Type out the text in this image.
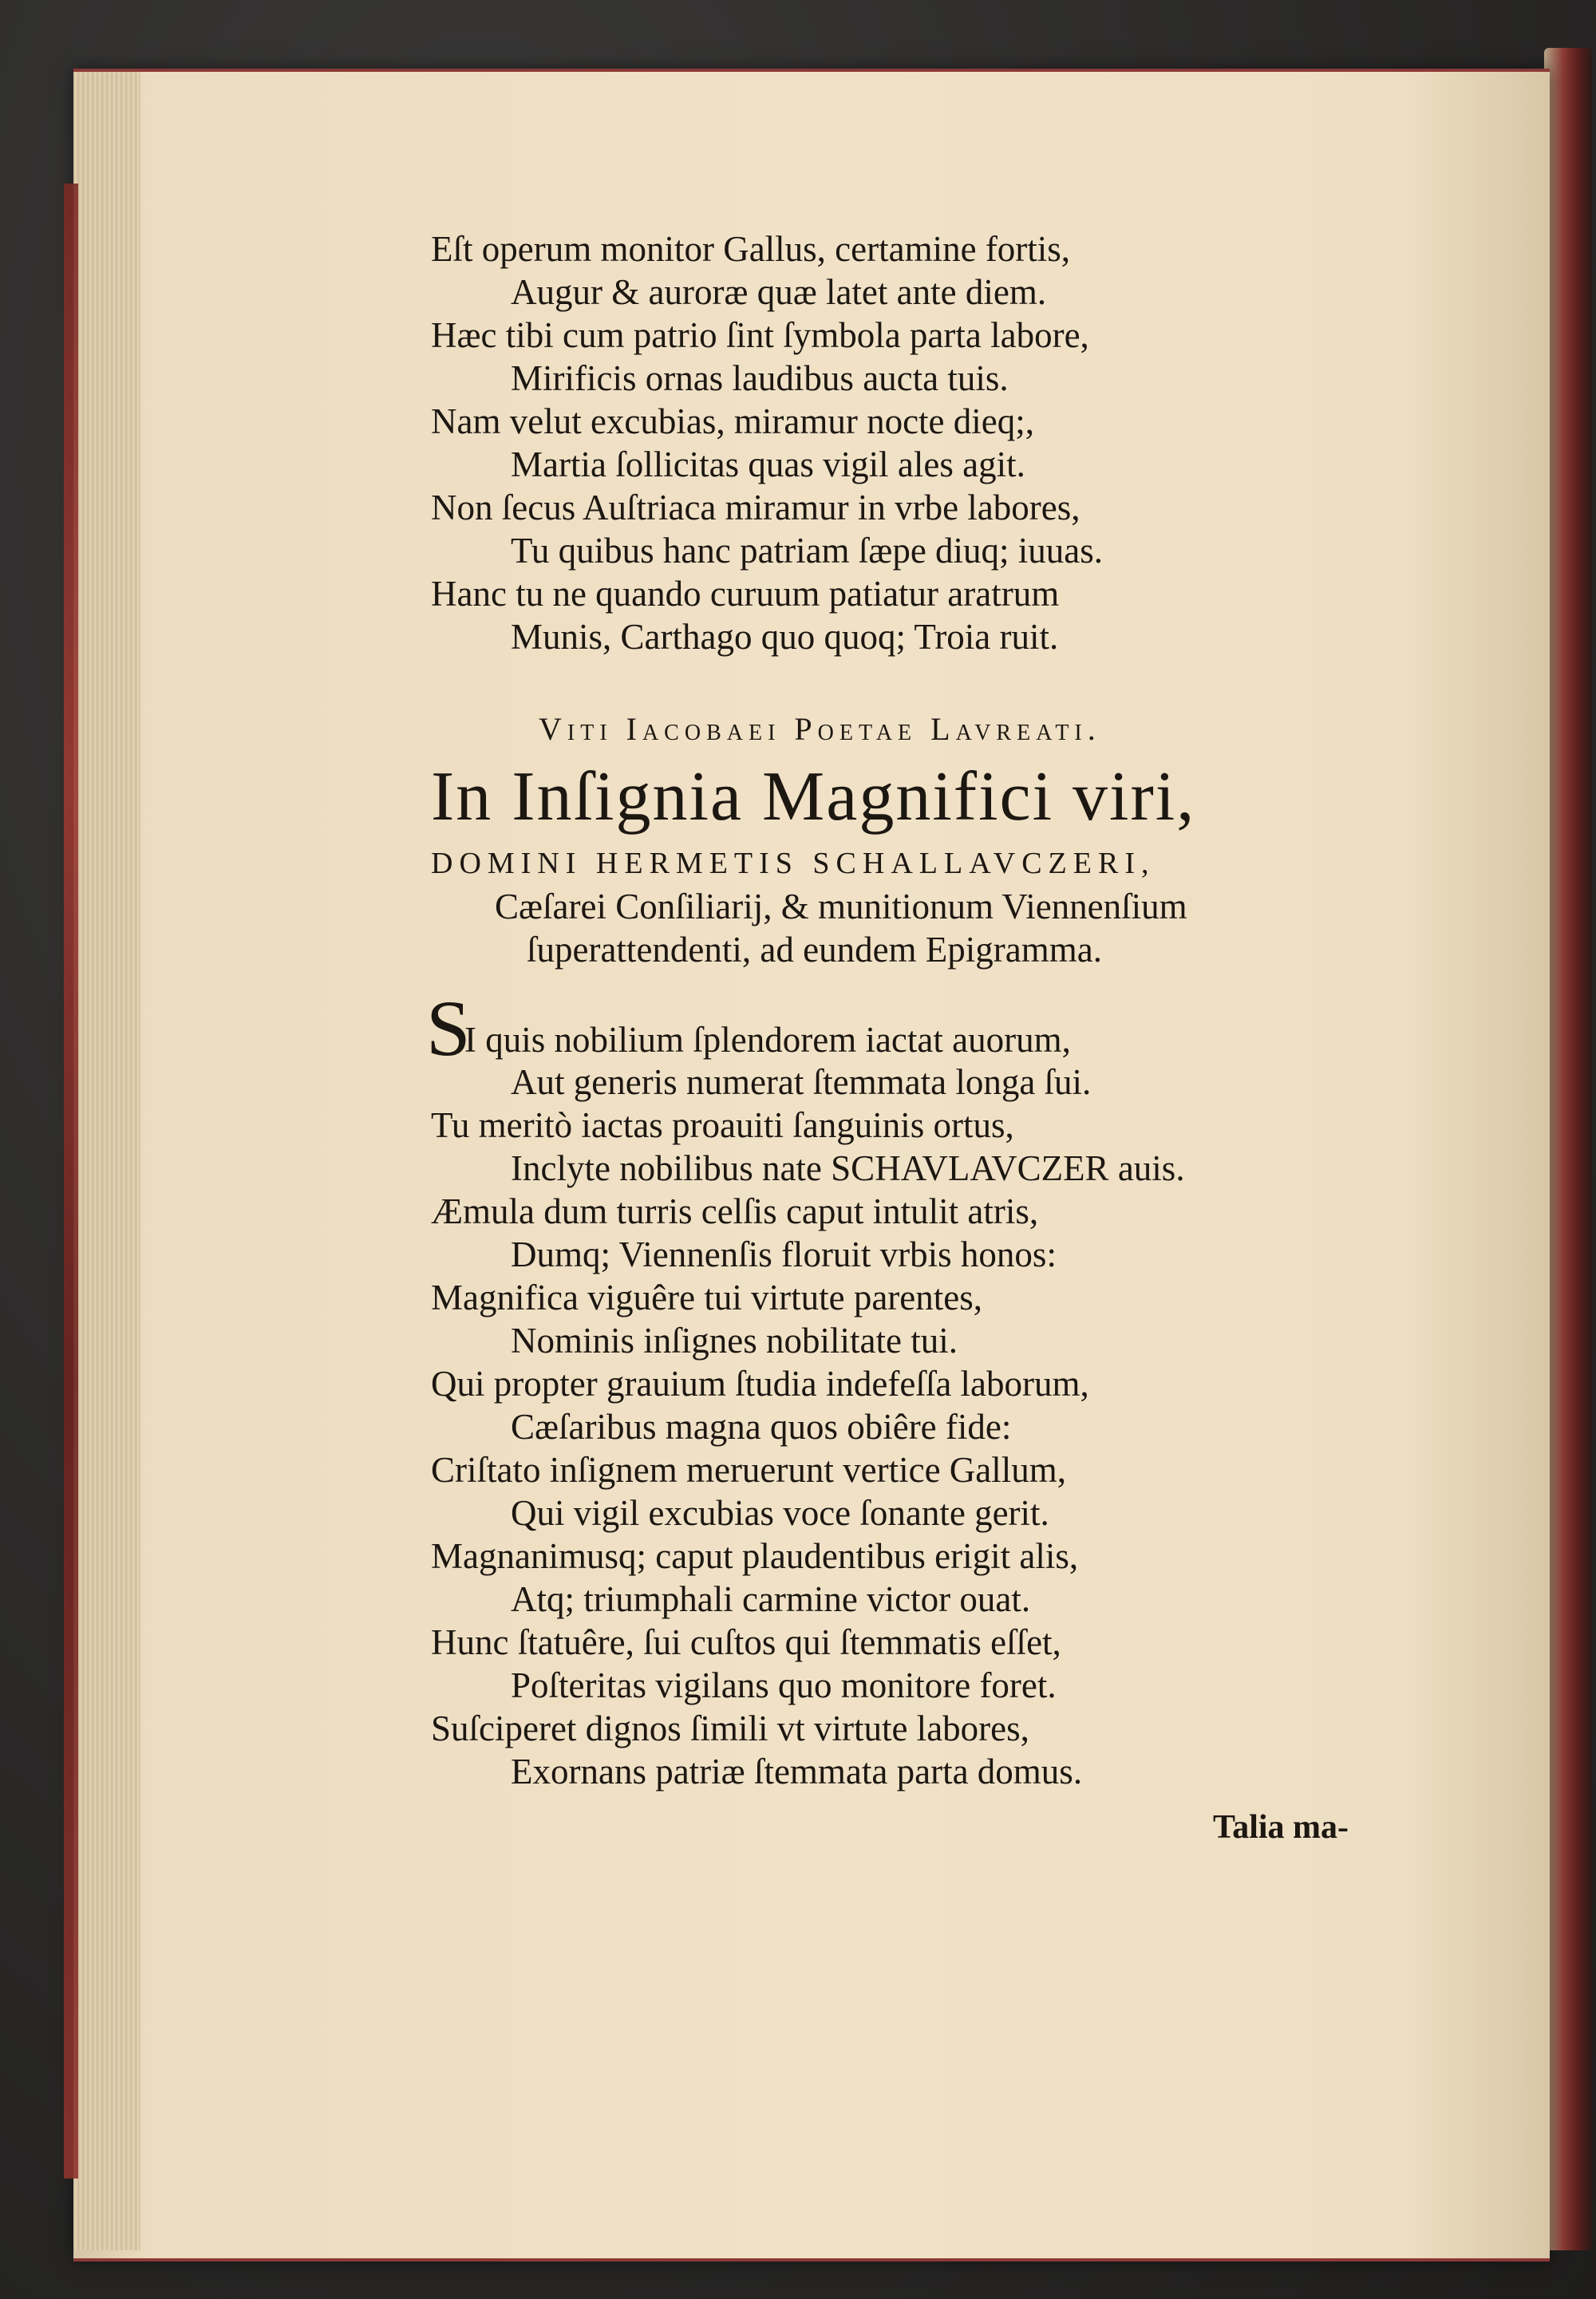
Eſt operum monitor Gallus, certamine fortis,
Augur & auroræ quæ latet ante diem.
Hæc tibi cum patrio ſint ſymbola parta labore,
Mirificis ornas laudibus aucta tuis.
Nam velut excubias, miramur nocte dieq;,
Martia ſollicitas quas vigil ales agit.
Non ſecus Auſtriaca miramur in vrbe labores,
Tu quibus hanc patriam ſæpe diuq; iuuas.
Hanc tu ne quando curuum patiatur aratrum
Munis, Carthago quo quoq; Troia ruit.
Viti Iacobaei Poetae Lavreati.
In Inſignia Magnifici viri,
DOMINI HERMETIS SCHALLAVCZERI,
Cæſarei Conſiliarij, & munitionum Viennenſium
ſuperattendenti, ad eundem Epigramma.
S
I quis nobilium ſplendorem iactat auorum,
Aut generis numerat ſtemmata longa ſui.
Tu meritò iactas proauiti ſanguinis ortus,
Inclyte nobilibus nate SCHAVLAVCZER auis.
Æmula dum turris celſis caput intulit atris,
Dumq; Viennenſis floruit vrbis honos:
Magnifica viguêre tui virtute parentes,
Nominis inſignes nobilitate tui.
Qui propter grauium ſtudia indefeſſa laborum,
Cæſaribus magna quos obiêre fide:
Criſtato inſignem meruerunt vertice Gallum,
Qui vigil excubias voce ſonante gerit.
Magnanimusq; caput plaudentibus erigit alis,
Atq; triumphali carmine victor ouat.
Hunc ſtatuêre, ſui cuſtos qui ſtemmatis eſſet,
Poſteritas vigilans quo monitore foret.
Suſciperet dignos ſimili vt virtute labores,
Exornans patriæ ſtemmata parta domus.
Talia ma-
